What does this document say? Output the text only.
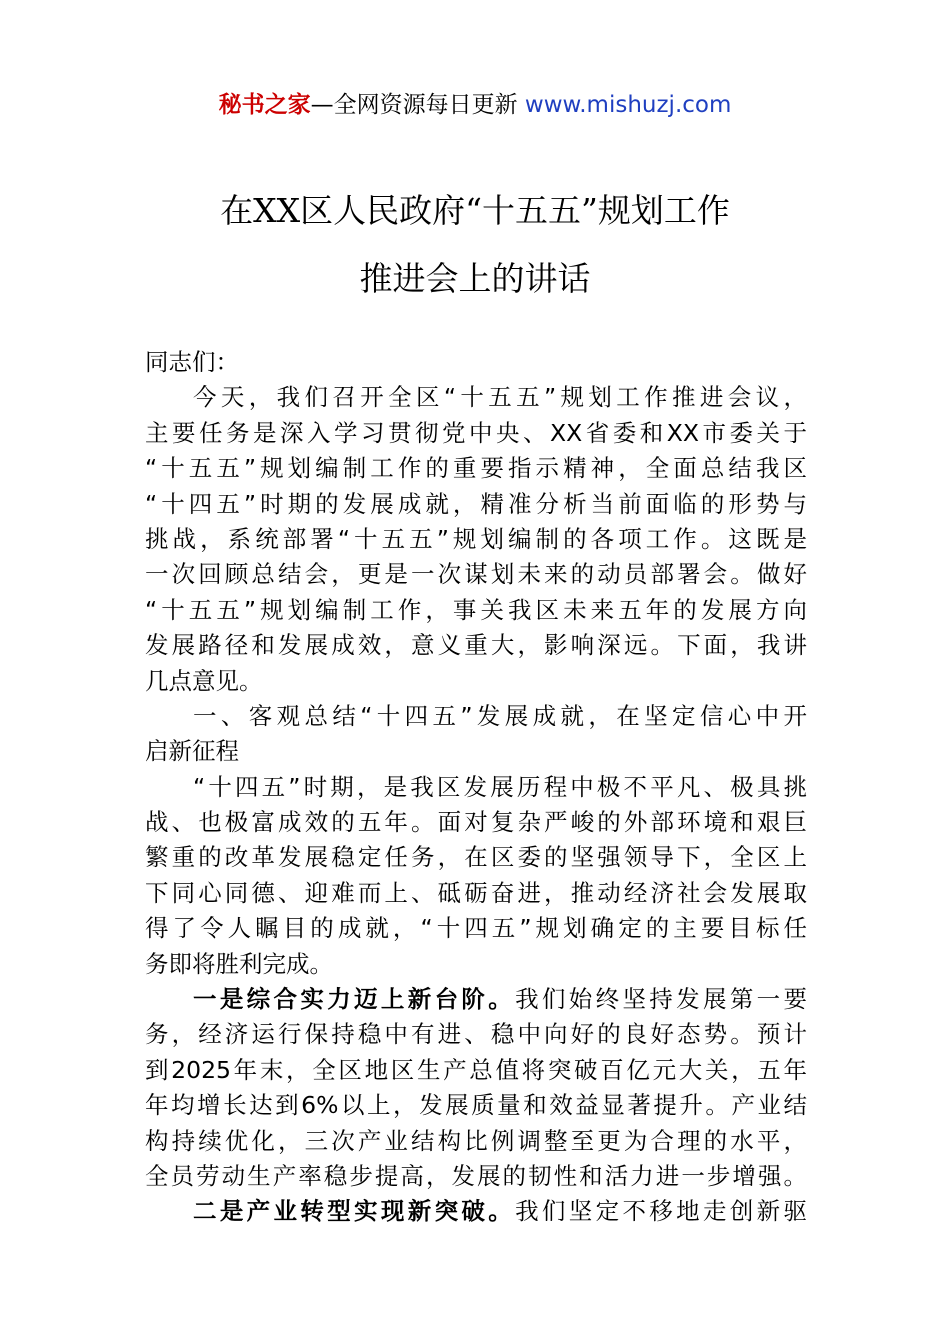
秘书之家—全网资源每日更新 www.mishuzj.com
在XX区人民政府“十五五”规划工作
推进会上的讲话
同志们：
今天，我们召开全区“十五五”规划工作推进会议，
主要任务是深入学习贯彻党中央、XX省委和XX市委关于
“十五五”规划编制工作的重要指示精神，全面总结我区
“十四五”时期的发展成就，精准分析当前面临的形势与
挑战，系统部署“十五五”规划编制的各项工作。这既是
一次回顾总结会，更是一次谋划未来的动员部署会。做好
“十五五”规划编制工作，事关我区未来五年的发展方向
发展路径和发展成效，意义重大，影响深远。下面，我讲
几点意见。
一、客观总结“十四五”发展成就，在坚定信心中开
启新征程
“十四五”时期，是我区发展历程中极不平凡、极具挑
战、也极富成效的五年。面对复杂严峻的外部环境和艰巨
繁重的改革发展稳定任务，在区委的坚强领导下，全区上
下同心同德、迎难而上、砥砺奋进，推动经济社会发展取
得了令人瞩目的成就，“十四五”规划确定的主要目标任
务即将胜利完成。
一是综合实力迈上新台阶。我们始终坚持发展第一要
务，经济运行保持稳中有进、稳中向好的良好态势。预计
到2025年末，全区地区生产总值将突破百亿元大关，五年
年均增长达到6%以上，发展质量和效益显著提升。产业结
构持续优化，三次产业结构比例调整至更为合理的水平，
全员劳动生产率稳步提高，发展的韧性和活力进一步增强。
二是产业转型实现新突破。我们坚定不移地走创新驱
